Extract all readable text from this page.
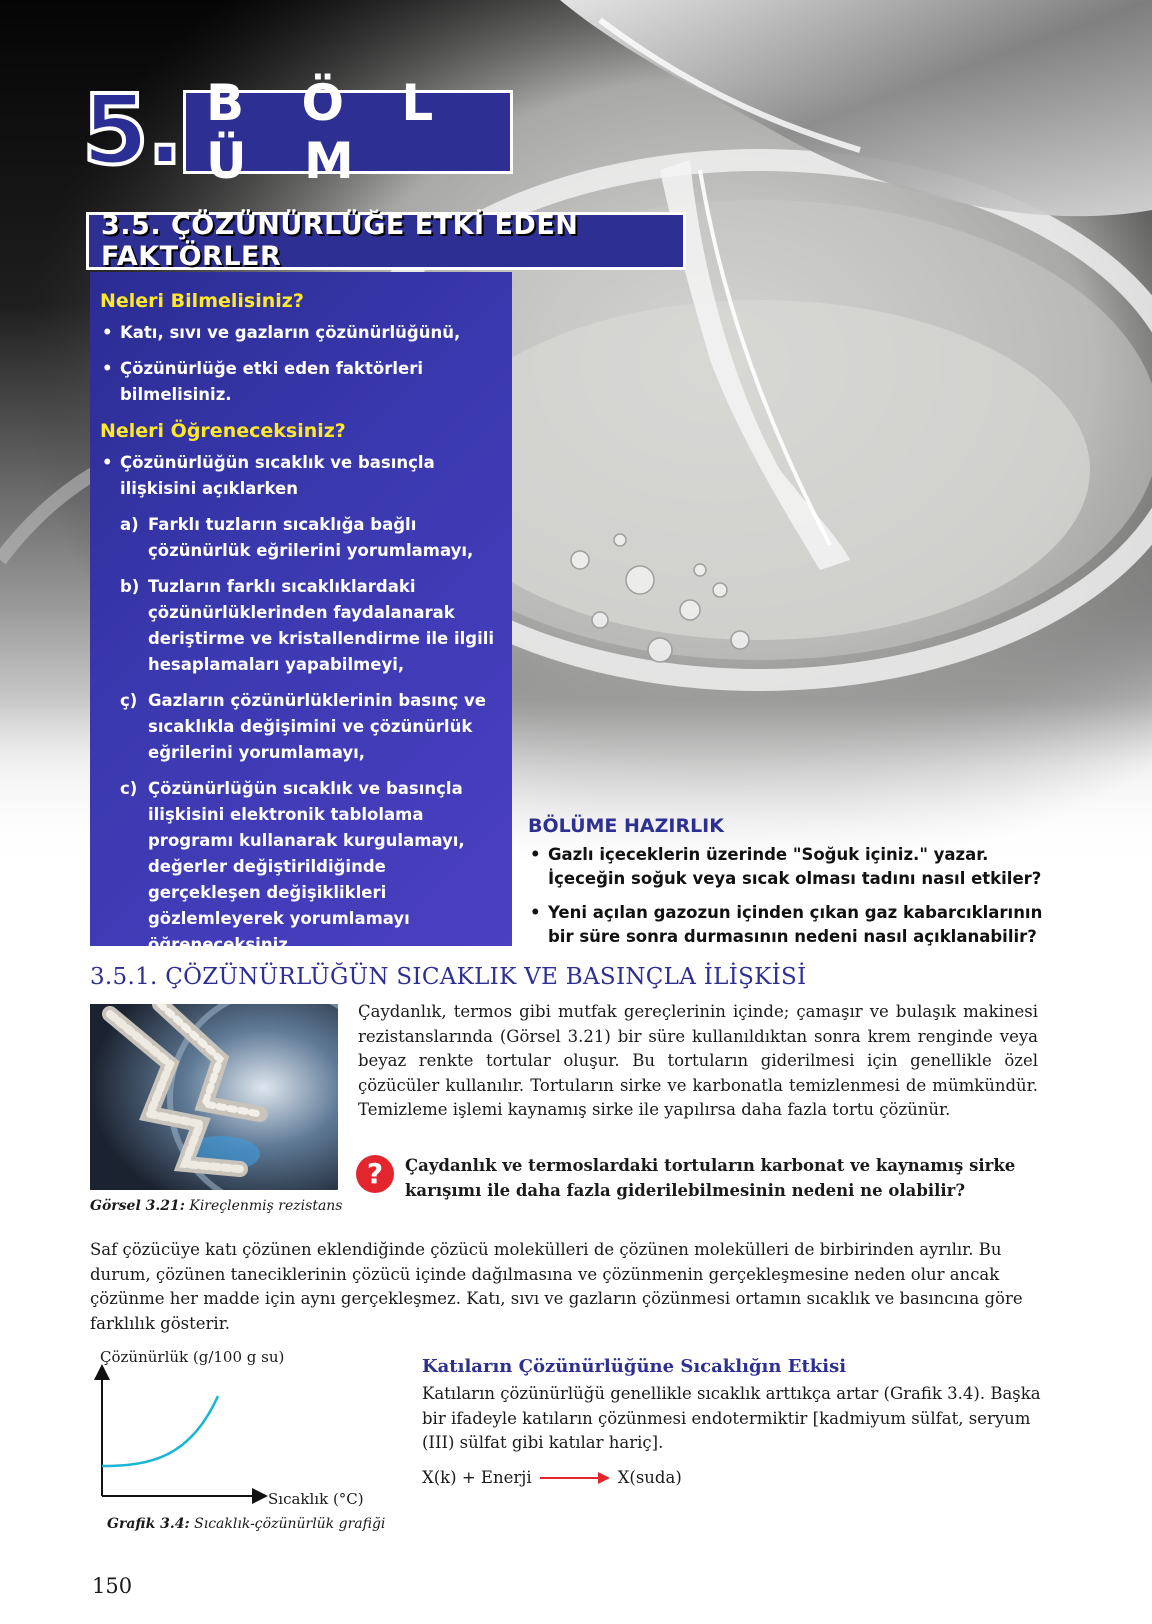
5. B Ö L Ü M
3.5. ÇÖZÜNÜRLÜĞE ETKİ EDEN FAKTÖRLER
Neleri Bilmelisiniz?
• Katı, sıvı ve gazların çözünürlüğünü,
• Çözünürlüğe etki eden faktörleri bilmelisiniz.
Neleri Öğreneceksiniz?
• Çözünürlüğün sıcaklık ve basınçla ilişkisini açıklarken
a) Farklı tuzların sıcaklığa bağlı çözünürlük eğrilerini yorumlamayı,
b) Tuzların farklı sıcaklıklardaki çözünürlüklerinden faydalanarak deriştirme ve kristallendirme ile ilgili hesaplamaları yapabilmeyi,
ç) Gazların çözünürlüklerinin basınç ve sıcaklıkla değişimini ve çözünürlük eğrilerini yorumlamayı,
c) Çözünürlüğün sıcaklık ve basınçla ilişkisini elektronik tablolama programı kullanarak kurgulamayı, değerler değiştirildiğinde gerçekleşen değişiklikleri gözlemleyerek yorumlamayı öğreneceksiniz.
BÖLÜME HAZIRLIK
• Gazlı içeceklerin üzerinde "Soğuk içiniz." yazar. İçeceğin soğuk veya sıcak olması tadını nasıl etkiler?
• Yeni açılan gazozun içinden çıkan gaz kabarcıklarının bir süre sonra durmasının nedeni nasıl açıklanabilir?
3.5.1. ÇÖZÜNÜRLÜĞÜN SICAKLIK VE BASINÇLA İLİŞKİSİ
Görsel 3.21: Kireçlenmiş rezistans
Çaydanlık, termos gibi mutfak gereçlerinin içinde; çamaşır ve bulaşık makinesi rezistanslarında (Görsel 3.21) bir süre kullanıldıktan sonra krem renginde veya beyaz renkte tortular oluşur. Bu tortuların giderilmesi için genellikle özel çözücüler kullanılır. Tortuların sirke ve karbonatla temizlenmesi de mümkündür. Temizleme işlemi kaynamış sirke ile yapılırsa daha fazla tortu çözünür.
?	Çaydanlık ve termoslardaki tortuların karbonat ve kaynamış sirke karışımı ile daha fazla giderilebilmesinin nedeni ne olabilir?
Saf çözücüye katı çözünen eklendiğinde çözücü molekülleri de çözünen molekülleri de birbirinden ayrılır. Bu durum, çözünen taneciklerinin çözücü içinde dağılmasına ve çözünmenin gerçekleşmesine neden olur ancak çözünme her madde için aynı gerçekleşmez. Katı, sıvı ve gazların çözünmesi ortamın sıcaklık ve basıncına göre farklılık gösterir.
Çözünürlük (g/100 g su)
Sıcaklık (°C)
Grafik 3.4: Sıcaklık-çözünürlük grafiği
Katıların Çözünürlüğüne Sıcaklığın Etkisi
Katıların çözünürlüğü genellikle sıcaklık arttıkça artar (Grafik 3.4). Başka bir ifadeyle katıların çözünmesi endotermiktir [kadmiyum sülfat, seryum (III) sülfat gibi katılar hariç].
X(k) + Enerji	X(suda)
150
